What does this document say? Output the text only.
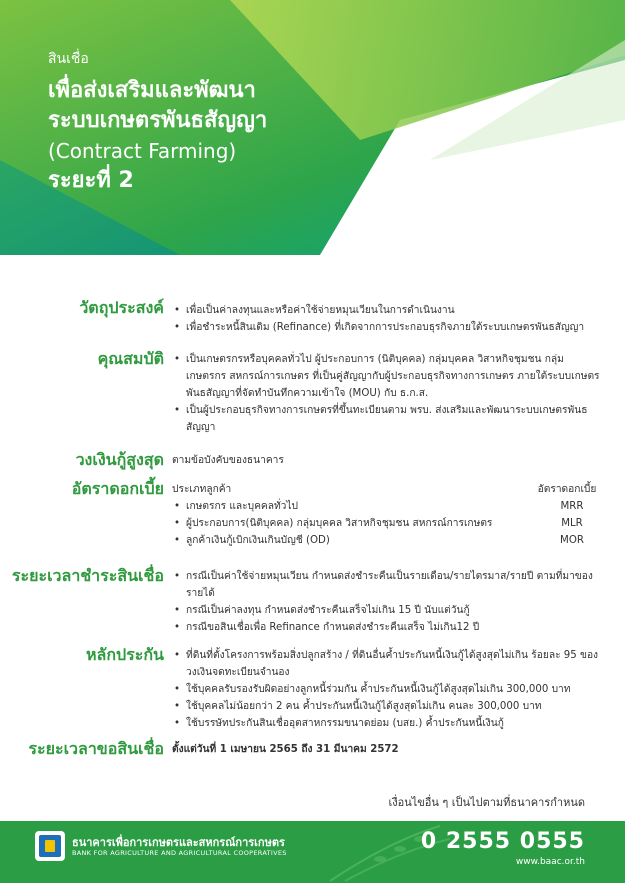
สินเชื่อ
เพื่อส่งเสริมและพัฒนา
ระบบเกษตรพันธสัญญา
(Contract Farming)
ระยะที่ 2
วัตถุประสงค์	• เพื่อเป็นค่าลงทุนและหรือค่าใช้จ่ายหมุนเวียนในการดำเนินงาน
• เพื่อชำระหนี้สินเดิม (Refinance) ที่เกิดจากการประกอบธุรกิจภายใต้ระบบเกษตรพันธสัญญา
คุณสมบัติ	• เป็นเกษตรกรหรือบุคคลทั่วไป ผู้ประกอบการ (นิติบุคคล) กลุ่มบุคคล วิสาหกิจชุมชน กลุ่มเกษตรกร สหกรณ์การเกษตร ที่เป็นคู่สัญญากับผู้ประกอบธุรกิจทางการเกษตร ภายใต้ระบบเกษตรพันธสัญญาที่จัดทำบันทึกความเข้าใจ (MOU) กับ ธ.ก.ส.
• เป็นผู้ประกอบธุรกิจทางการเกษตรที่ขึ้นทะเบียนตาม พรบ. ส่งเสริมและพัฒนาระบบเกษตรพันธสัญญา
วงเงินกู้สูงสุด ตามข้อบังคับของธนาคาร
อัตราดอกเบี้ย ประเภทลูกค้า	อัตราดอกเบี้ย
• เกษตรกร และบุคคลทั่วไป	MRR
• ผู้ประกอบการ(นิติบุคคล) กลุ่มบุคคล วิสาหกิจชุมชน สหกรณ์การเกษตร	MLR
• ลูกค้าเงินกู้เบิกเงินเกินบัญชี (OD)	MOR
ระยะเวลาชำระสินเชื่อ	• กรณีเป็นค่าใช้จ่ายหมุนเวียน กำหนดส่งชำระคืนเป็นรายเดือน/รายไตรมาส/รายปี ตามที่มาของรายได้
• กรณีเป็นค่าลงทุน กำหนดส่งชำระคืนเสร็จไม่เกิน 15 ปี นับแต่วันกู้
• กรณีขอสินเชื่อเพื่อ Refinance กำหนดส่งชำระคืนเสร็จ ไม่เกิน12 ปี
หลักประกัน	• ที่ดินที่ตั้งโครงการพร้อมสิ่งปลูกสร้าง / ที่ดินอื่นค้ำประกันหนี้เงินกู้ได้สูงสุดไม่เกิน ร้อยละ 95 ของวงเงินจดทะเบียนจำนอง
• ใช้บุคคลรับรองรับผิดอย่างลูกหนี้ร่วมกัน ค้ำประกันหนี้เงินกู้ได้สูงสุดไม่เกิน 300,000 บาท
• ใช้บุคคลไม่น้อยกว่า 2 คน ค้ำประกันหนี้เงินกู้ได้สูงสุดไม่เกิน คนละ 300,000 บาท
• ใช้บรรษัทประกันสินเชื่ออุตสาหกรรมขนาดย่อม (บสย.) ค้ำประกันหนี้เงินกู้
ระยะเวลาขอสินเชื่อ ตั้งแต่วันที่ 1 เมษายน 2565 ถึง 31 มีนาคม 2572
เงื่อนไขอื่น ๆ เป็นไปตามที่ธนาคารกำหนด
ธนาคารเพื่อการเกษตรและสหกรณ์การเกษตร
BANK FOR AGRICULTURE AND AGRICULTURAL COOPERATIVES	0 2555 0555
www.baac.or.th
